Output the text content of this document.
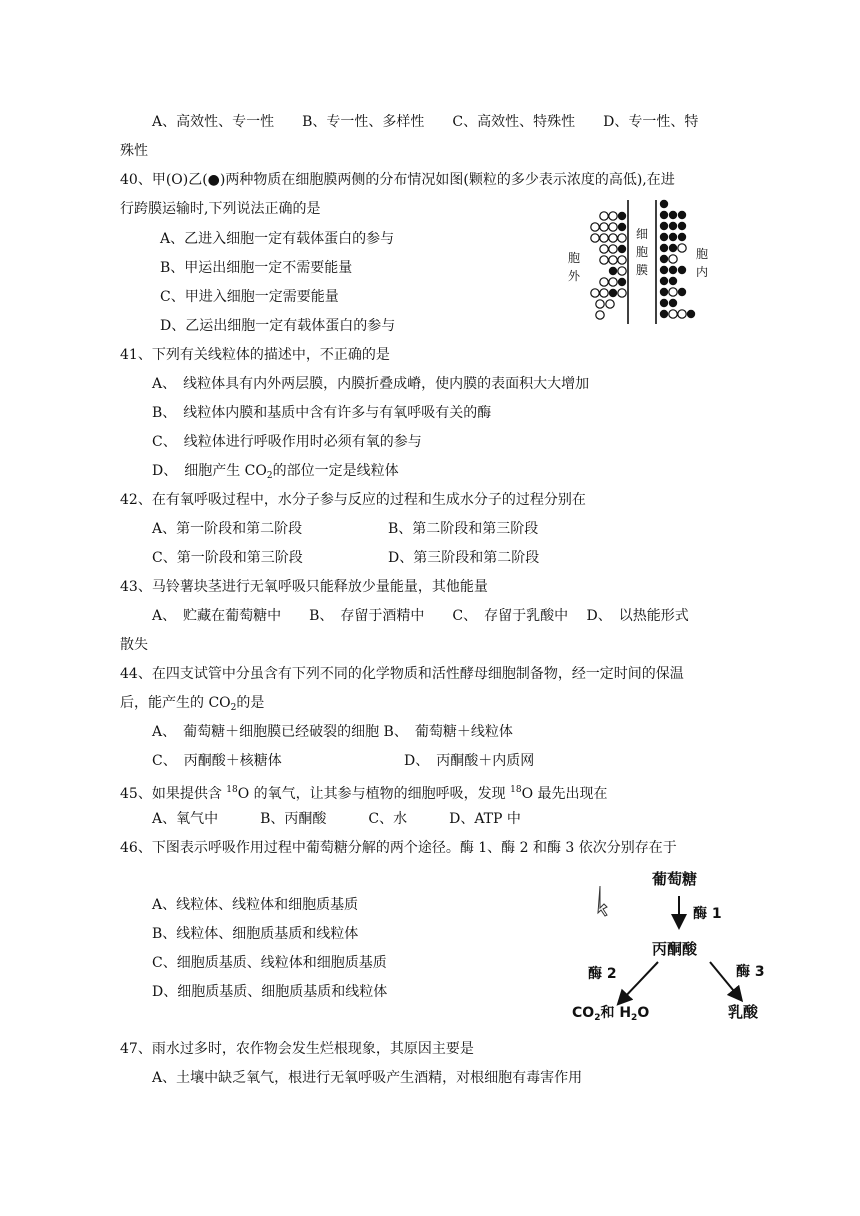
A、高效性、专一性　　B、专一性、多样性　　C、高效性、特殊性　　D、专一性、特
殊性
40、甲(O)乙(●)两种物质在细胞膜两侧的分布情况如图(颗粒的多少表示浓度的高低),在进
行跨膜运输时,下列说法正确的是
A、乙进入细胞一定有载体蛋白的参与
B、甲运出细胞一定不需要能量
C、甲进入细胞一定需要能量
D、乙运出细胞一定有载体蛋白的参与
胞
外
细
胞
膜
胞
内
41、下列有关线粒体的描述中，不正确的是
A、　线粒体具有内外两层膜，内膜折叠成嵴，使内膜的表面积大大增加
B、　线粒体内膜和基质中含有许多与有氧呼吸有关的酶
C、　线粒体进行呼吸作用时必须有氧的参与
D、　细胞产生 $CO_2$的部位一定是线粒体
42、在有氧呼吸过程中，水分子参与反应的过程和生成水分子的过程分别在
A、第一阶段和第二阶段	B、第二阶段和第三阶段
C、第一阶段和第三阶段	D、第三阶段和第二阶段
43、马铃薯块茎进行无氧呼吸只能释放少量能量，其他能量
A、　贮藏在葡萄糖中　　B、　存留于酒精中　　C、　存留于乳酸中　 D、　以热能形式
散失
44、在四支试管中分虽含有下列不同的化学物质和活性酵母细胞制备物，经一定时间的保温
后，能产生的 $CO_2$的是
A、　葡萄糖＋细胞膜已经破裂的细胞 B、　葡萄糖＋线粒体
C、　丙酮酸＋核糖体	D、　丙酮酸＋内质网
45、如果提供含 $^{18}$O 的氧气，让其参与植物的细胞呼吸，发现 $^{18}$O 最先出现在
A、氧气中　　　B、丙酮酸　　　C、水　　　D、ATP 中
46、下图表示呼吸作用过程中葡萄糖分解的两个途径。酶 1、酶 2 和酶 3 依次分别存在于
A、线粒体、线粒体和细胞质基质
B、线粒体、细胞质基质和线粒体
C、细胞质基质、线粒体和细胞质基质
D、细胞质基质、细胞质基质和线粒体
葡萄糖
酶 1
丙酮酸
酶 2	酶 3
$CO_2$和 $H_2O$	乳酸
47、雨水过多时，农作物会发生烂根现象，其原因主要是
A、土壤中缺乏氧气，根进行无氧呼吸产生酒精，对根细胞有毒害作用
